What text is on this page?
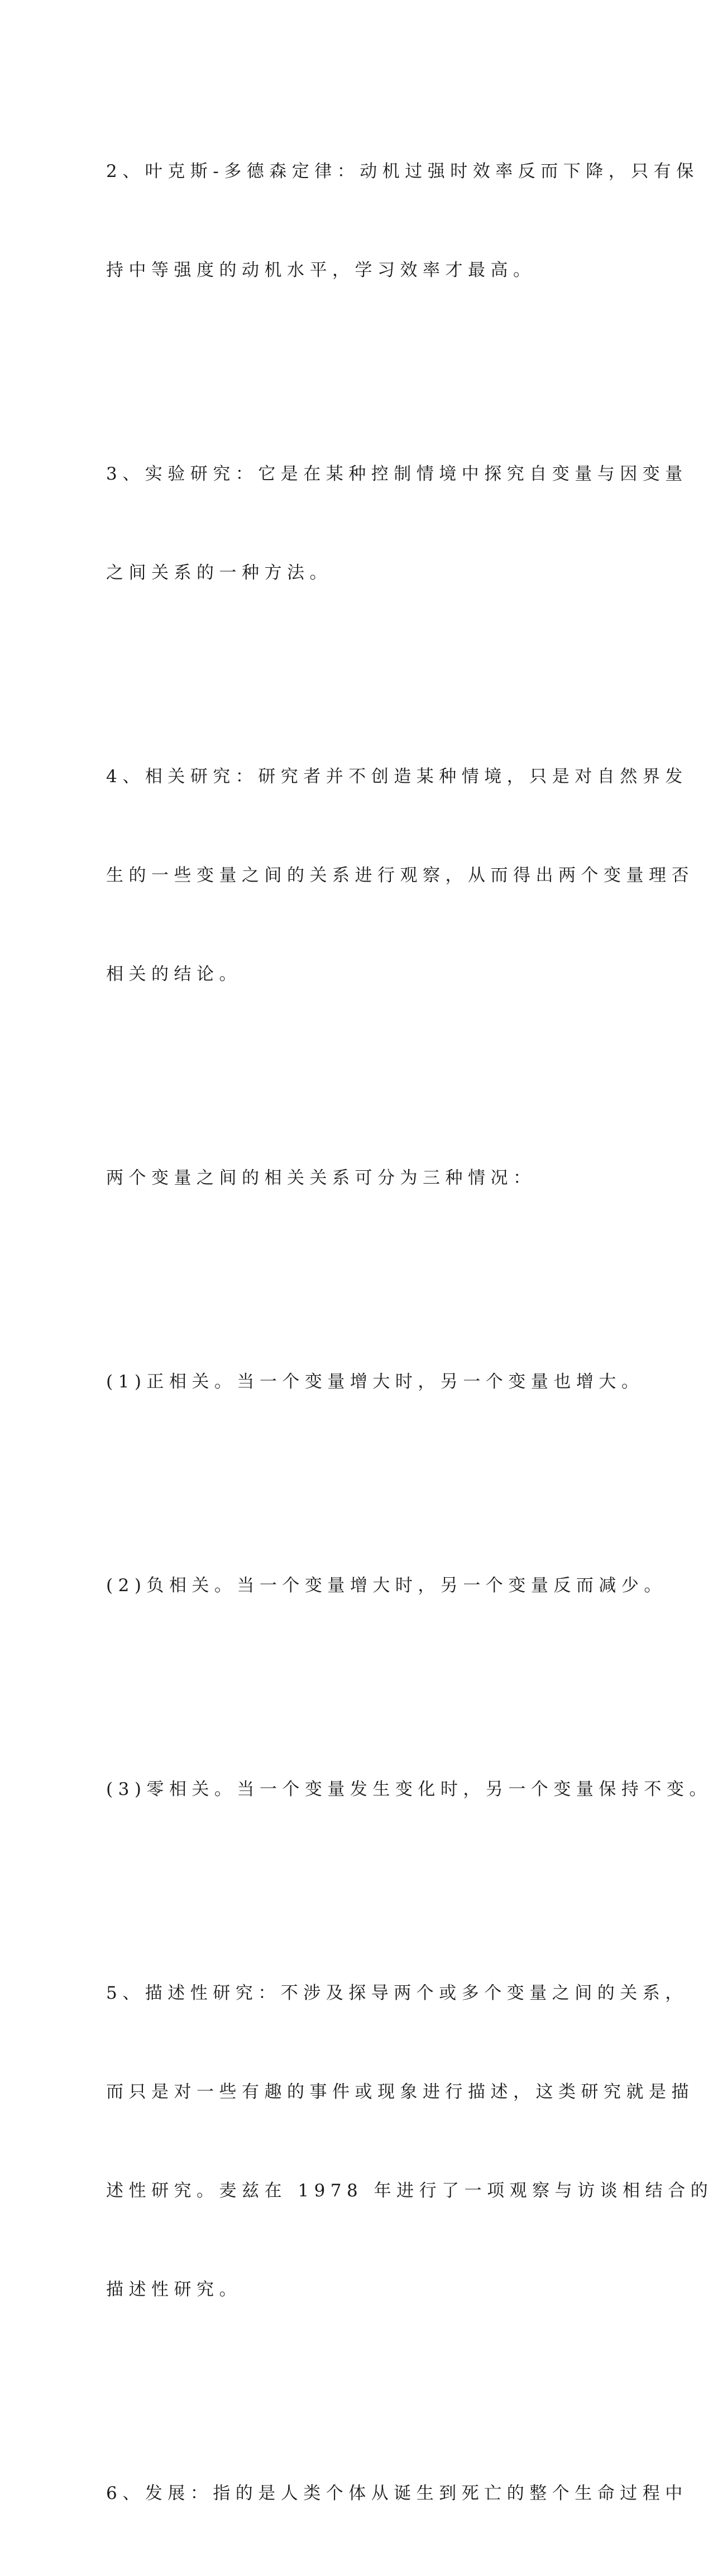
2、叶克斯-多德森定律：动机过强时效率反而下降，只有保

持中等强度的动机水平，学习效率才最高。

3、实验研究：它是在某种控制情境中探究自变量与因变量

之间关系的一种方法。

4、相关研究：研究者并不创造某种情境，只是对自然界发

生的一些变量之间的关系进行观察，从而得出两个变量理否

相关的结论。

两个变量之间的相关关系可分为三种情况：

(1)正相关。当一个变量增大时，另一个变量也增大。

(2)负相关。当一个变量增大时，另一个变量反而减少。

(3)零相关。当一个变量发生变化时，另一个变量保持不变。

5、描述性研究：不涉及探导两个或多个变量之间的关系，

而只是对一些有趣的事件或现象进行描述，这类研究就是描

述性研究。麦兹在 1978 年进行了一项观察与访谈相结合的

描述性研究。

6、发展：指的是人类个体从诞生到死亡的整个生命过程中
